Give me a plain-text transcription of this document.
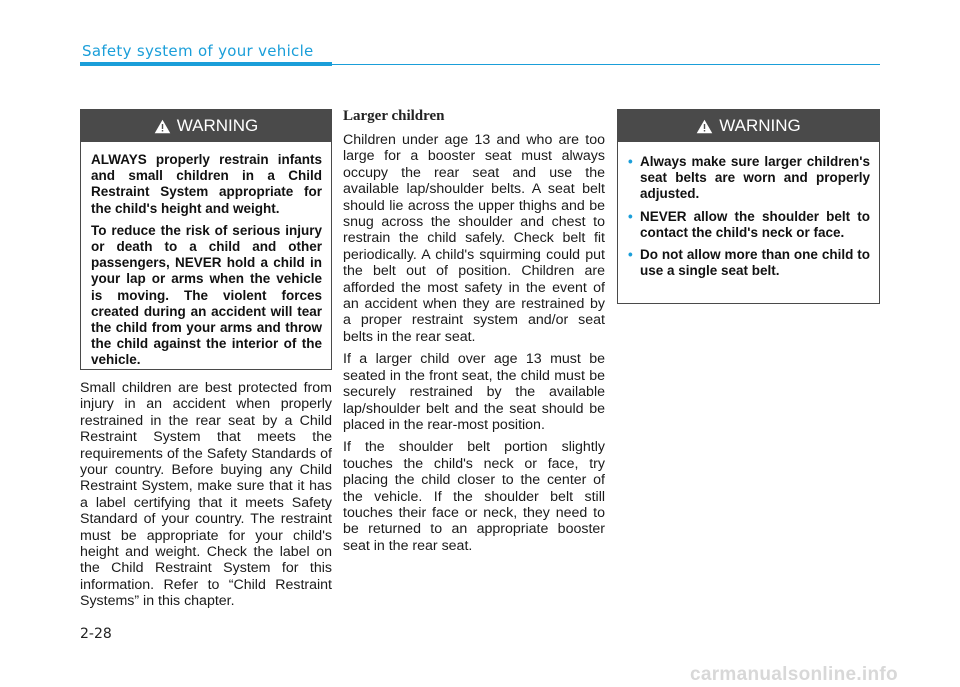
Safety system of your vehicle
WARNING

ALWAYS properly restrain infants and small children in a Child Restraint System appropriate for the child's height and weight.

To reduce the risk of serious injury or death to a child and other passengers, NEVER hold a child in your lap or arms when the vehicle is moving. The violent forces created during an accident will tear the child from your arms and throw the child against the interior of the vehicle.

Small children are best protected from injury in an accident when properly restrained in the rear seat by a Child Restraint System that meets the requirements of the Safety Standards of your country. Before buying any Child Restraint System, make sure that it has a label certifying that it meets Safety Standard of your country. The restraint must be appropriate for your child's height and weight. Check the label on the Child Restraint System for this information. Refer to “Child Restraint Systems” in this chapter.

Larger children

Children under age 13 and who are too large for a booster seat must always occupy the rear seat and use the available lap/shoulder belts. A seat belt should lie across the upper thighs and be snug across the shoulder and chest to restrain the child safely. Check belt fit periodically. A child's squirming could put the belt out of position. Children are afforded the most safety in the event of an accident when they are restrained by a proper restraint system and/or seat belts in the rear seat.

If a larger child over age 13 must be seated in the front seat, the child must be securely restrained by the available lap/shoulder belt and the seat should be placed in the rear-most position.

If the shoulder belt portion slightly touches the child's neck or face, try placing the child closer to the center of the vehicle. If the shoulder belt still touches their face or neck, they need to be returned to an appropriate booster seat in the rear seat.

WARNING
• Always make sure larger children's seat belts are worn and properly adjusted.
• NEVER allow the shoulder belt to contact the child's neck or face.
• Do not allow more than one child to use a single seat belt.
2-28
carmanualsonline.info
